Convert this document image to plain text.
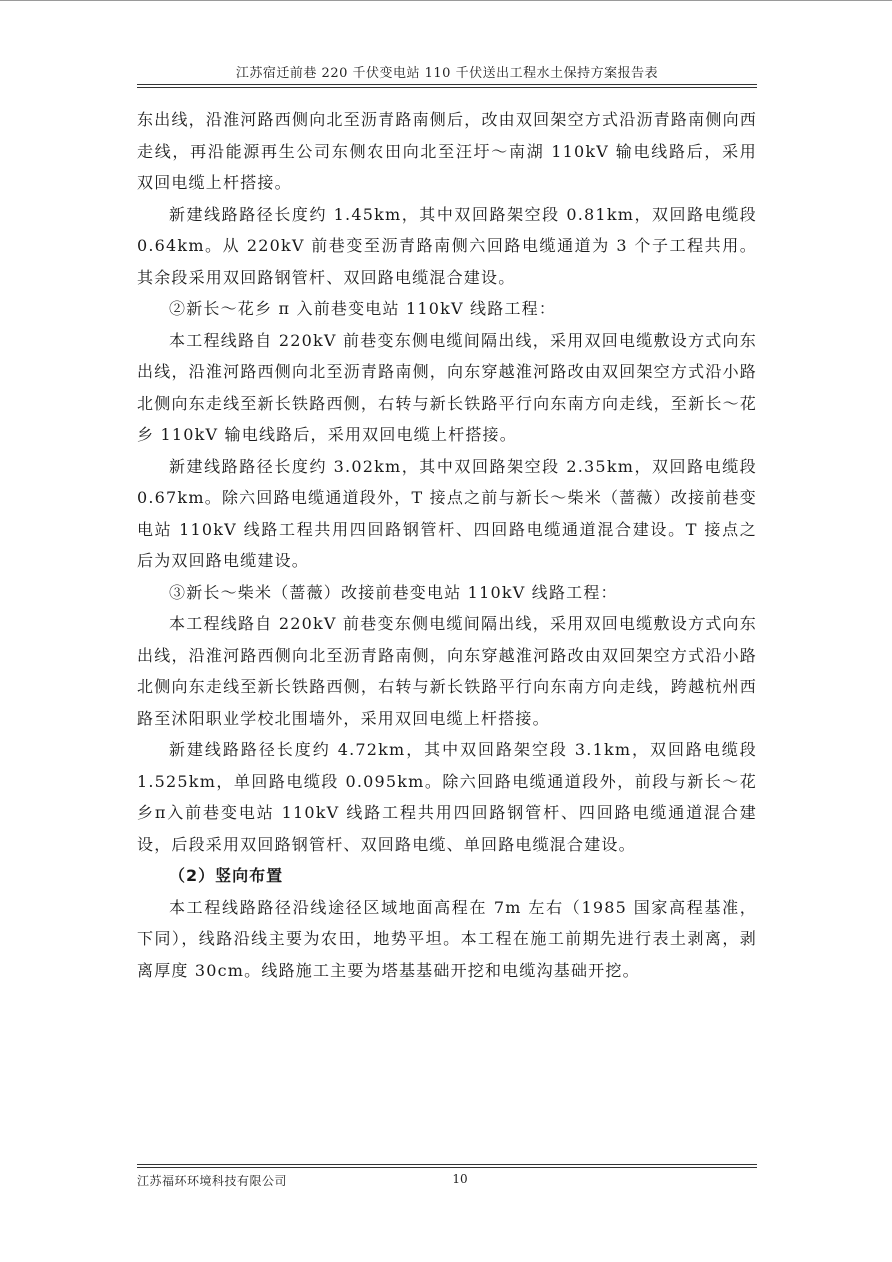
江苏宿迁前巷 220 千伏变电站 110 千伏送出工程水土保持方案报告表

东出线，沿淮河路西侧向北至沥青路南侧后，改由双回架空方式沿沥青路南侧向西走线，再沿能源再生公司东侧农田向北至汪圩～南湖 110kV 输电线路后，采用双回电缆上杆搭接。

新建线路路径长度约 1.45km，其中双回路架空段 0.81km，双回路电缆段 0.64km。从 220kV 前巷变至沥青路南侧六回路电缆通道为 3 个子工程共用。其余段采用双回路钢管杆、双回路电缆混合建设。

②新长～花乡 π 入前巷变电站 110kV 线路工程：

本工程线路自 220kV 前巷变东侧电缆间隔出线，采用双回电缆敷设方式向东出线，沿淮河路西侧向北至沥青路南侧，向东穿越淮河路改由双回架空方式沿小路北侧向东走线至新长铁路西侧，右转与新长铁路平行向东南方向走线，至新长～花乡 110kV 输电线路后，采用双回电缆上杆搭接。

新建线路路径长度约 3.02km，其中双回路架空段 2.35km，双回路电缆段 0.67km。除六回路电缆通道段外，T 接点之前与新长～柴米（蔷薇）改接前巷变电站 110kV 线路工程共用四回路钢管杆、四回路电缆通道混合建设。T 接点之后为双回路电缆建设。

③新长～柴米（蔷薇）改接前巷变电站 110kV 线路工程：

本工程线路自 220kV 前巷变东侧电缆间隔出线，采用双回电缆敷设方式向东出线，沿淮河路西侧向北至沥青路南侧，向东穿越淮河路改由双回架空方式沿小路北侧向东走线至新长铁路西侧，右转与新长铁路平行向东南方向走线，跨越杭州西路至沭阳职业学校北围墙外，采用双回电缆上杆搭接。

新建线路路径长度约 4.72km，其中双回路架空段 3.1km，双回路电缆段 1.525km，单回路电缆段 0.095km。除六回路电缆通道段外，前段与新长～花乡π入前巷变电站 110kV 线路工程共用四回路钢管杆、四回路电缆通道混合建设，后段采用双回路钢管杆、双回路电缆、单回路电缆混合建设。

（2）竖向布置

本工程线路路径沿线途径区域地面高程在 7m 左右（1985 国家高程基准，下同），线路沿线主要为农田，地势平坦。本工程在施工前期先进行表土剥离，剥离厚度 30cm。线路施工主要为塔基基础开挖和电缆沟基础开挖。

江苏福环环境科技有限公司	10
